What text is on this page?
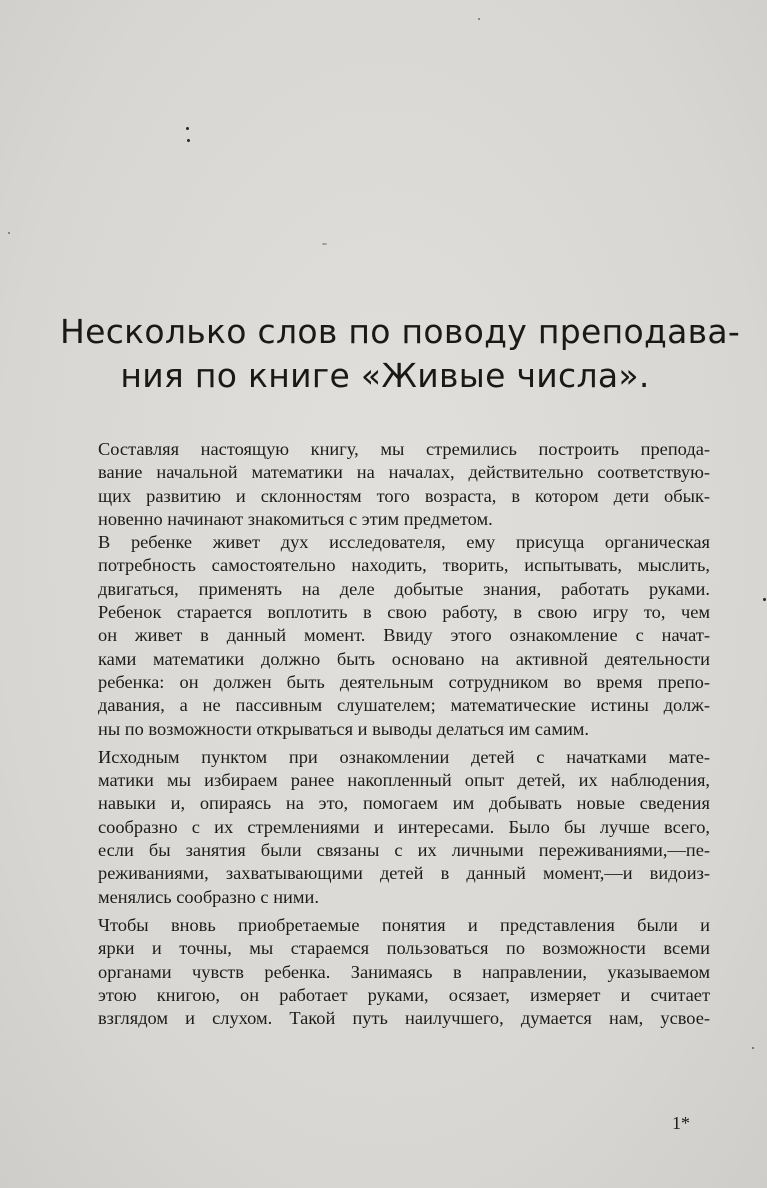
Несколько слов по поводу преподава-
ния по книге «Живые числа».
Составляя настоящую книгу, мы стремились построить препода-
вание начальной математики на началах, действительно соответствую-
щих развитию и склонностям того возраста, в котором дети обык-
новенно начинают знакомиться с этим предметом.
В ребенке живет дух исследователя, ему присуща органическая
потребность самостоятельно находить, творить, испытывать, мыслить,
двигаться, применять на деле добытые знания, работать руками.
Ребенок старается воплотить в свою работу, в свою игру то, чем
он живет в данный момент. Ввиду этого ознакомление с начат-
ками математики должно быть основано на активной деятельности
ребенка: он должен быть деятельным сотрудником во время препо-
давания, а не пассивным слушателем; математические истины долж-
ны по возможности открываться и выводы делаться им самим.
Исходным пунктом при ознакомлении детей с начатками мате-
матики мы избираем ранее накопленный опыт детей, их наблюдения,
навыки и, опираясь на это, помогаем им добывать новые сведения
сообразно с их стремлениями и интересами. Было бы лучше всего,
если бы занятия были связаны с их личными переживаниями,—пе-
реживаниями, захватывающими детей в данный момент,—и видоиз-
менялись сообразно с ними.
Чтобы вновь приобретаемые понятия и представления были и
ярки и точны, мы стараемся пользоваться по возможности всеми
органами чувств ребенка. Занимаясь в направлении, указываемом
этою книгою, он работает руками, осязает, измеряет и считает
взглядом и слухом. Такой путь наилучшего, думается нам, усвое-
1*
